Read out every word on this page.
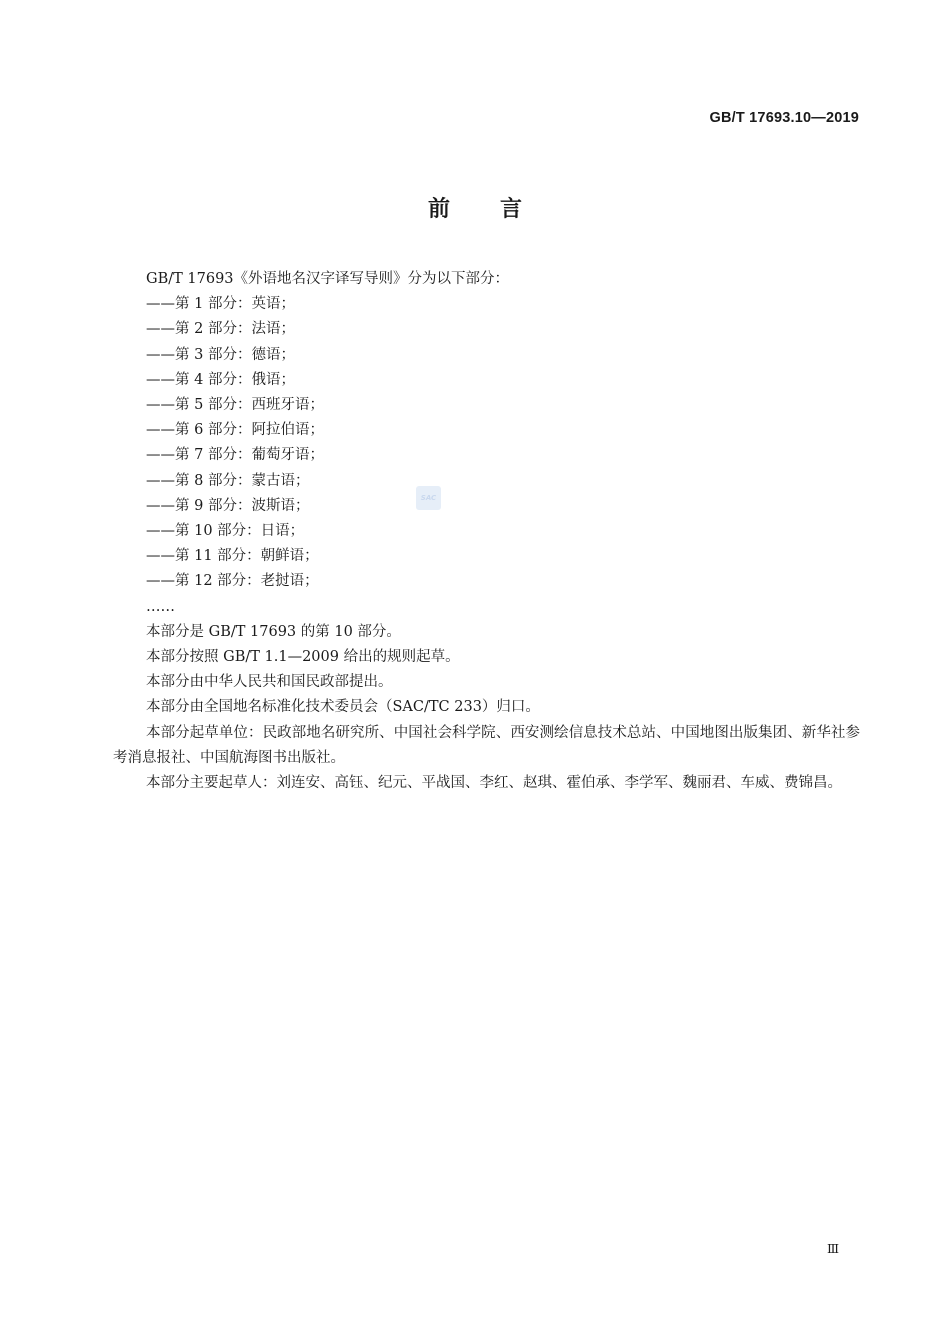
GB/T 17693.10—2019
前言

GB/T 17693《外语地名汉字译写导则》分为以下部分：

——第 1 部分：英语；

——第 2 部分：法语；

——第 3 部分：德语；

——第 4 部分：俄语；

——第 5 部分：西班牙语；

——第 6 部分：阿拉伯语；

——第 7 部分：葡萄牙语；

——第 8 部分：蒙古语；

——第 9 部分：波斯语；

——第 10 部分：日语；

——第 11 部分：朝鲜语；

——第 12 部分：老挝语；

……

本部分是 GB/T 17693 的第 10 部分。

本部分按照 GB/T 1.1—2009 给出的规则起草。

本部分由中华人民共和国民政部提出。

本部分由全国地名标准化技术委员会（SAC/TC 233）归口。

本部分起草单位：民政部地名研究所、中国社会科学院、西安测绘信息技术总站、中国地图出版集团、新华社参考消息报社、中国航海图书出版社。

本部分主要起草人：刘连安、高钰、纪元、平战国、李红、赵琪、霍伯承、李学军、魏丽君、车威、费锦昌。

SAC
Ⅲ
